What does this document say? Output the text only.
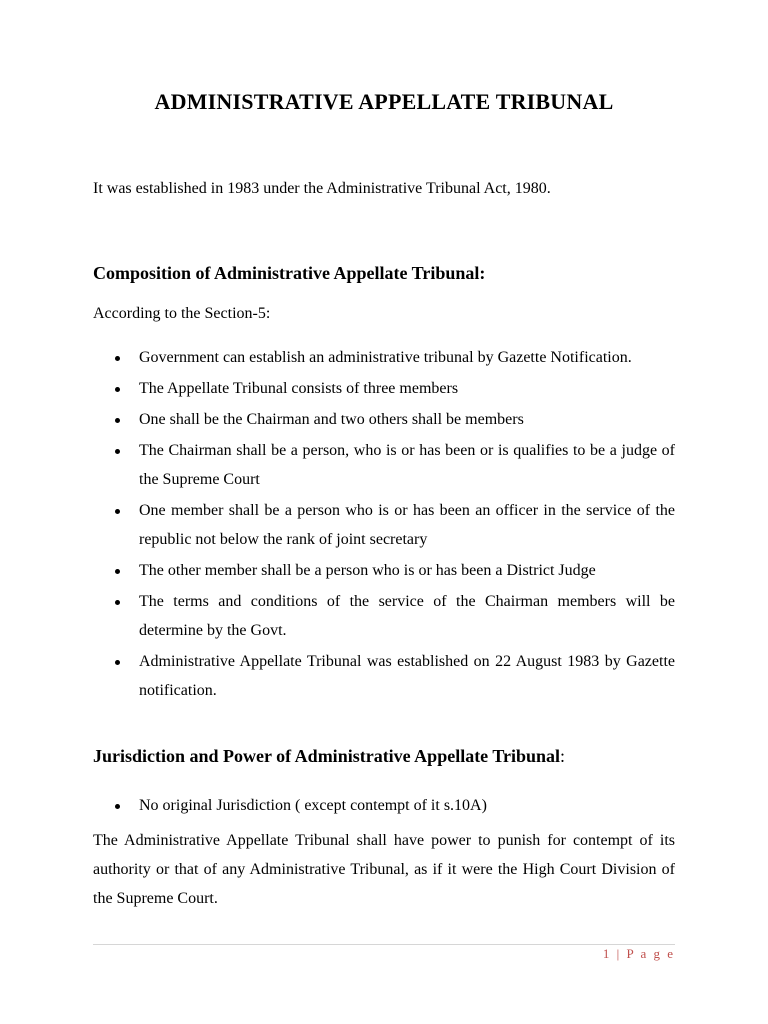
ADMINISTRATIVE APPELLATE TRIBUNAL
It was established in 1983 under the Administrative Tribunal Act, 1980.
Composition of Administrative Appellate Tribunal:
According to the Section-5:
Government can establish an administrative tribunal by Gazette Notification.
The Appellate Tribunal consists of three members
One shall be the Chairman and two others shall be members
The Chairman shall be a person, who is or has been or is qualifies to be a judge of the Supreme Court
One member shall be a person who is or has been an officer in the service of the republic not below the rank of joint secretary
The other member shall be a person who is or has been a District Judge
The terms and conditions of the service of the Chairman members will be determine by the Govt.
Administrative Appellate Tribunal was established on 22 August 1983 by Gazette notification.
Jurisdiction and Power of Administrative Appellate Tribunal:
No original Jurisdiction ( except contempt of it s.10A)
The Administrative Appellate Tribunal shall have power to punish for contempt of its authority or that of any Administrative Tribunal, as if it were the High Court Division of the Supreme Court.
1 | P a g e
